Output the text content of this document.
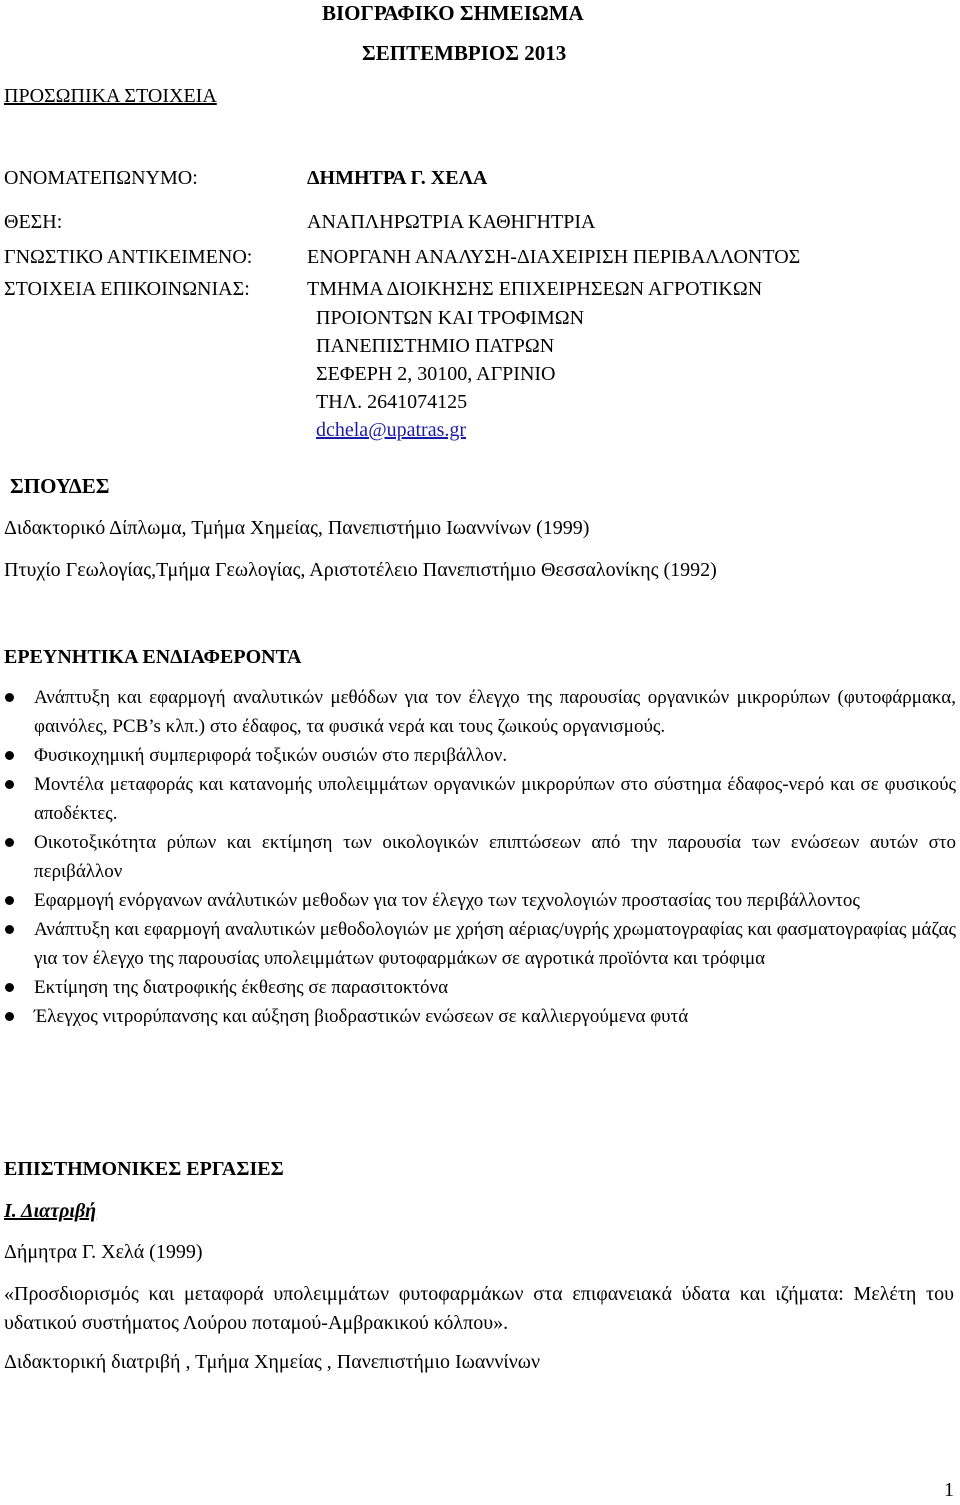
ΒΙΟΓΡΑΦΙΚΟ ΣΗΜΕΙΩΜΑ
ΣΕΠΤΕΜΒΡΙΟΣ 2013
ΠΡΟΣΩΠΙΚΑ ΣΤΟΙΧΕΙΑ
ΟΝΟΜΑΤΕΠΩΝΥΜΟ:	ΔΗΜΗΤΡΑ Γ. ΧΕΛΑ
ΘΕΣΗ:	ΑΝΑΠΛΗΡΩΤΡΙΑ ΚΑΘΗΓΗΤΡΙΑ
ΓΝΩΣΤΙΚΟ ΑΝΤΙΚΕΙΜΕΝΟ:	ΕΝΟΡΓΑΝΗ ΑΝΑΛΥΣΗ-ΔΙΑΧΕΙΡΙΣΗ ΠΕΡΙΒΑΛΛΟΝΤΟΣ
ΣΤΟΙΧΕΙΑ ΕΠΙΚΟΙΝΩΝΙΑΣ:	ΤΜΗΜΑ ΔΙΟΙΚΗΣΗΣ ΕΠΙΧΕΙΡΗΣΕΩΝ ΑΓΡΟΤΙΚΩΝ
ΠΡΟΙΟΝΤΩΝ ΚΑΙ ΤΡΟΦΙΜΩΝ
ΠΑΝΕΠΙΣΤΗΜΙΟ ΠΑΤΡΩΝ
ΣΕΦΕΡΗ 2, 30100, ΑΓΡΙΝΙΟ
ΤΗΛ. 2641074125
dchela@upatras.gr
ΣΠΟΥΔΕΣ
Διδακτορικό Δίπλωμα, Τμήμα Χημείας, Πανεπιστήμιο Ιωαννίνων (1999)
Πτυχίο Γεωλογίας,Τμήμα Γεωλογίας, Αριστοτέλειο Πανεπιστήμιο Θεσσαλονίκης (1992)
ΕΡΕΥΝΗΤΙΚΑ ΕΝΔΙΑΦΕΡΟΝΤΑ
Ανάπτυξη και εφαρμογή αναλυτικών μεθόδων για τον έλεγχο της παρουσίας οργανικών μικρορύπων (φυτοφάρμακα, φαινόλες, PCB’s κλπ.) στο έδαφος, τα φυσικά νερά και τους ζωικούς οργανισμούς.
Φυσικοχημική συμπεριφορά τοξικών ουσιών στο περιβάλλον.
Μοντέλα μεταφοράς και κατανομής υπολειμμάτων οργανικών μικρορύπων στο σύστημα έδαφος-νερό και σε φυσικούς αποδέκτες.
Οικοτοξικότητα ρύπων και εκτίμηση των οικολογικών επιπτώσεων από την παρουσία των ενώσεων αυτών στο περιβάλλον
Εφαρμογή ενόργανων ανάλυτικών μεθοδων για τον έλεγχο των τεχνολογιών προστασίας του περιβάλλοντος
Ανάπτυξη και εφαρμογή αναλυτικών μεθοδολογιών με χρήση αέριας/υγρής χρωματογραφίας και φασματογραφίας μάζας για τον έλεγχο της παρουσίας υπολειμμάτων φυτοφαρμάκων σε αγροτικά προϊόντα και τρόφιμα
Εκτίμηση της διατροφικής έκθεσης σε παρασιτοκτόνα
Έλεγχος νιτρορύπανσης και αύξηση βιοδραστικών ενώσεων σε καλλιεργούμενα φυτά
ΕΠΙΣΤΗΜΟΝΙΚΕΣ ΕΡΓΑΣΙΕΣ
Ι. Διατριβή
Δήμητρα Γ. Χελά (1999)
«Προσδιορισμός και μεταφορά υπολειμμάτων φυτοφαρμάκων στα επιφανειακά ύδατα και ιζήματα: Μελέτη του υδατικού συστήματος Λούρου ποταμού-Αμβρακικού κόλπου».
Διδακτορική διατριβή , Τμήμα Χημείας , Πανεπιστήμιο Ιωαννίνων
1
